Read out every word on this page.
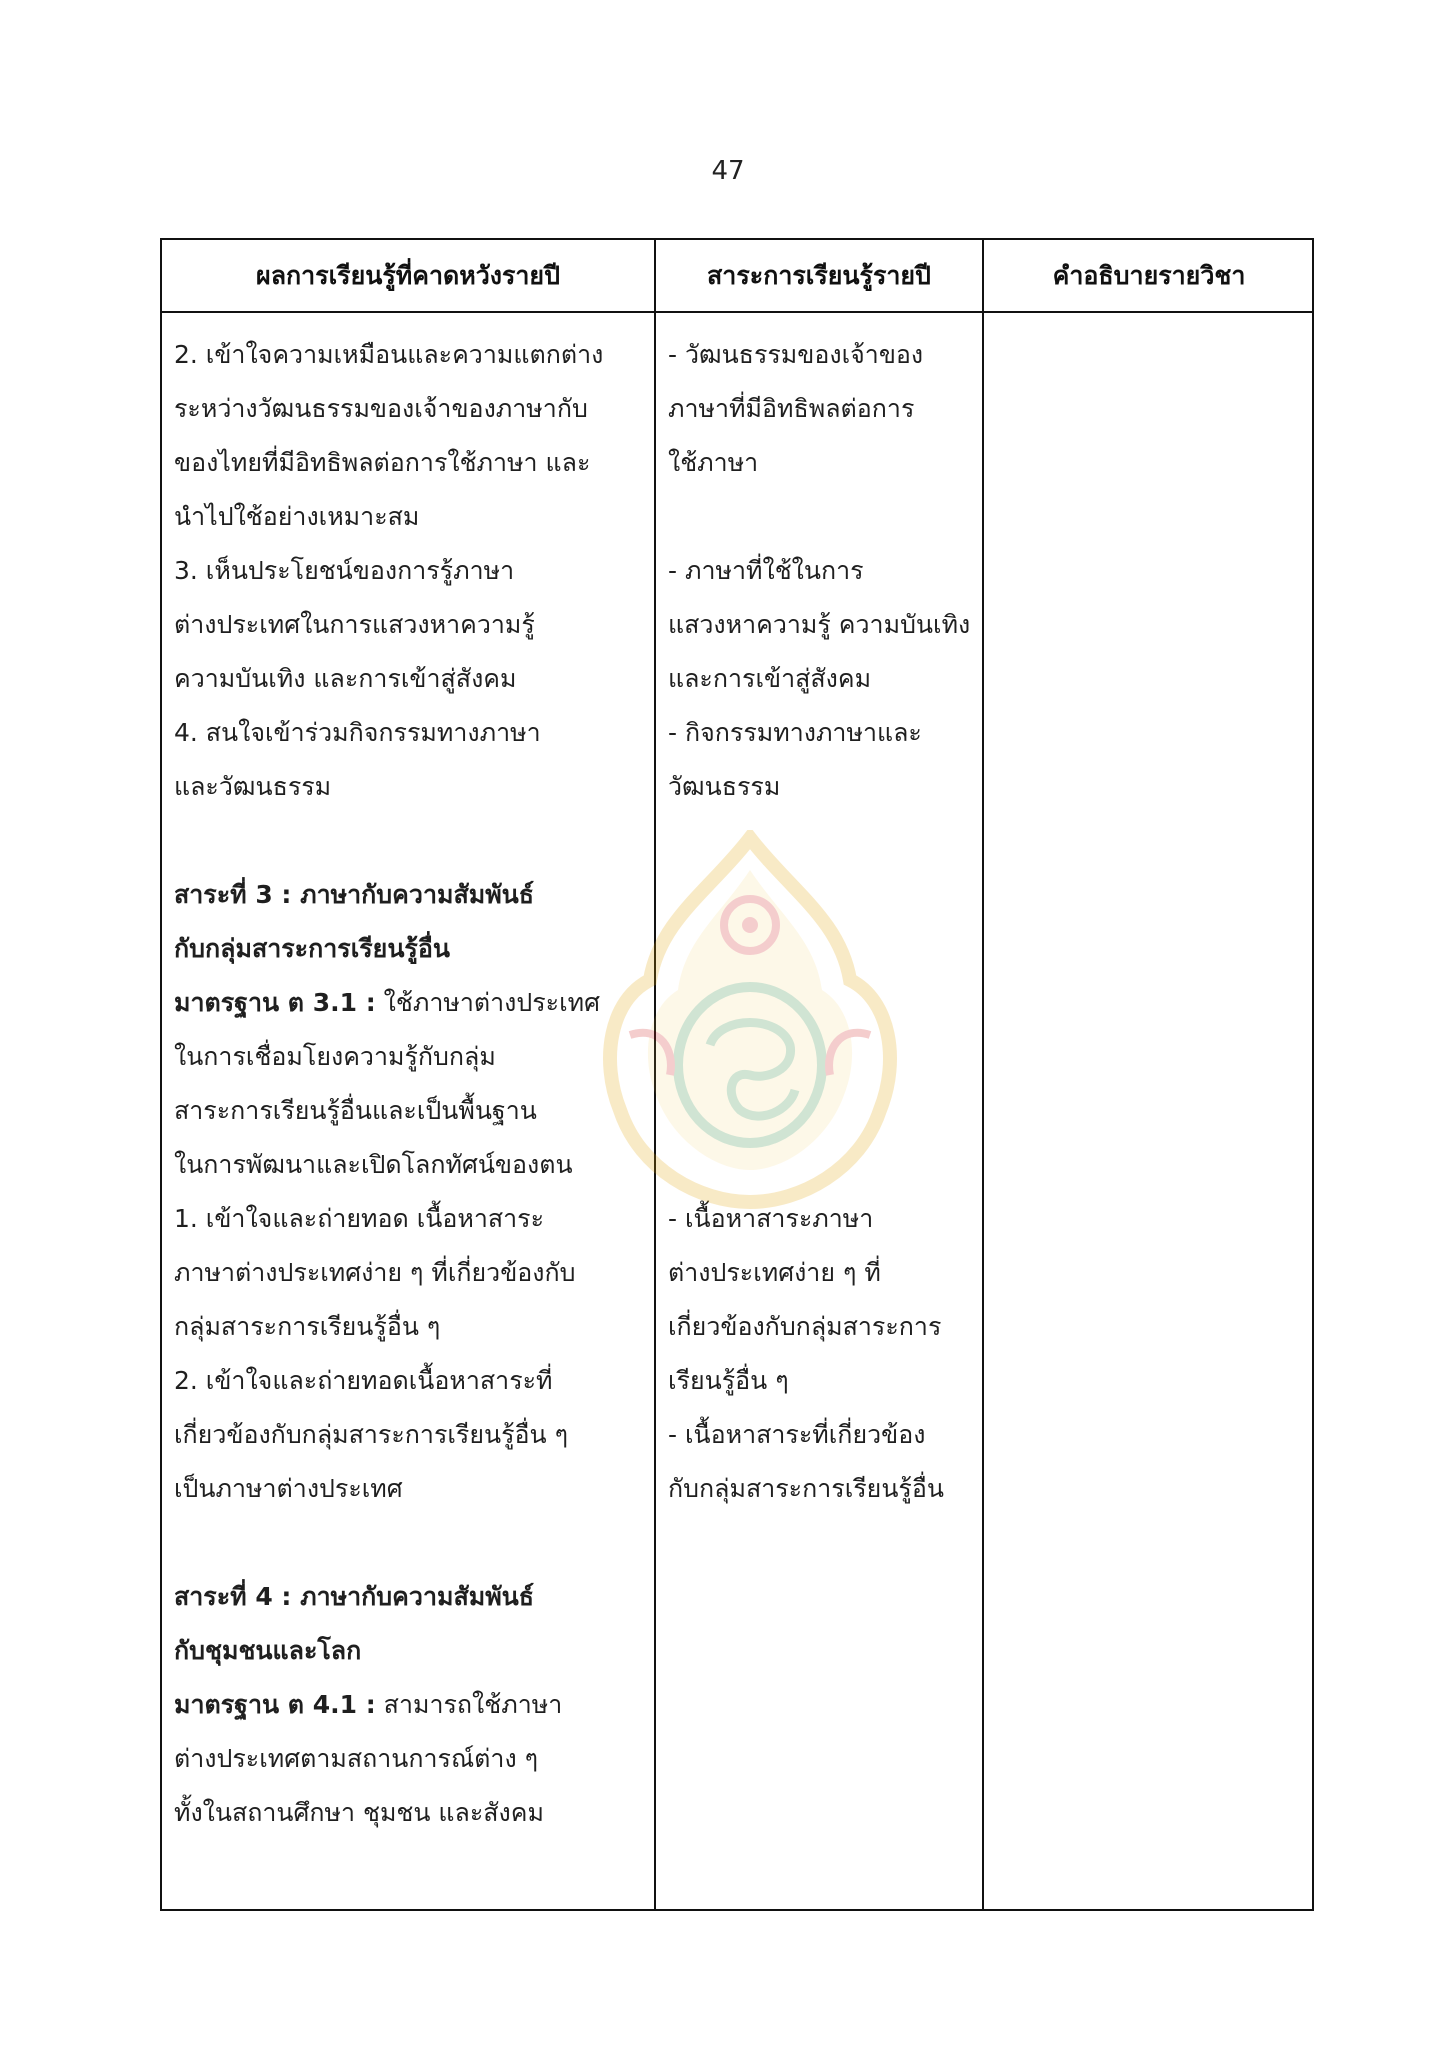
47
ผลการเรียนรู้ที่คาดหวังรายปี	สาระการเรียนรู้รายปี	คำอธิบายรายวิชา
2. เข้าใจความเหมือนและความแตกต่าง
ระหว่างวัฒนธรรมของเจ้าของภาษากับ
ของไทยที่มีอิทธิพลต่อการใช้ภาษา และ
นำไปใช้อย่างเหมาะสม
3. เห็นประโยชน์ของการรู้ภาษา
ต่างประเทศในการแสวงหาความรู้
ความบันเทิง และการเข้าสู่สังคม
4. สนใจเข้าร่วมกิจกรรมทางภาษา
และวัฒนธรรม
สาระที่ 3 : ภาษากับความสัมพันธ์
กับกลุ่มสาระการเรียนรู้อื่น
มาตรฐาน ต 3.1 : ใช้ภาษาต่างประเทศ
ในการเชื่อมโยงความรู้กับกลุ่ม
สาระการเรียนรู้อื่นและเป็นพื้นฐาน
ในการพัฒนาและเปิดโลกทัศน์ของตน
1. เข้าใจและถ่ายทอด เนื้อหาสาระ
ภาษาต่างประเทศง่าย ๆ ที่เกี่ยวข้องกับ
กลุ่มสาระการเรียนรู้อื่น ๆ
2. เข้าใจและถ่ายทอดเนื้อหาสาระที่
เกี่ยวข้องกับกลุ่มสาระการเรียนรู้อื่น ๆ
เป็นภาษาต่างประเทศ
สาระที่ 4 : ภาษากับความสัมพันธ์
กับชุมชนและโลก
มาตรฐาน ต 4.1 : สามารถใช้ภาษา
ต่างประเทศตามสถานการณ์ต่าง ๆ
ทั้งในสถานศึกษา ชุมชน และสังคม
- วัฒนธรรมของเจ้าของ
ภาษาที่มีอิทธิพลต่อการ
ใช้ภาษา
- ภาษาที่ใช้ในการ
แสวงหาความรู้ ความบันเทิง
และการเข้าสู่สังคม
- กิจกรรมทางภาษาและ
วัฒนธรรม
- เนื้อหาสาระภาษา
ต่างประเทศง่าย ๆ ที่
เกี่ยวข้องกับกลุ่มสาระการ
เรียนรู้อื่น ๆ
- เนื้อหาสาระที่เกี่ยวข้อง
กับกลุ่มสาระการเรียนรู้อื่น
